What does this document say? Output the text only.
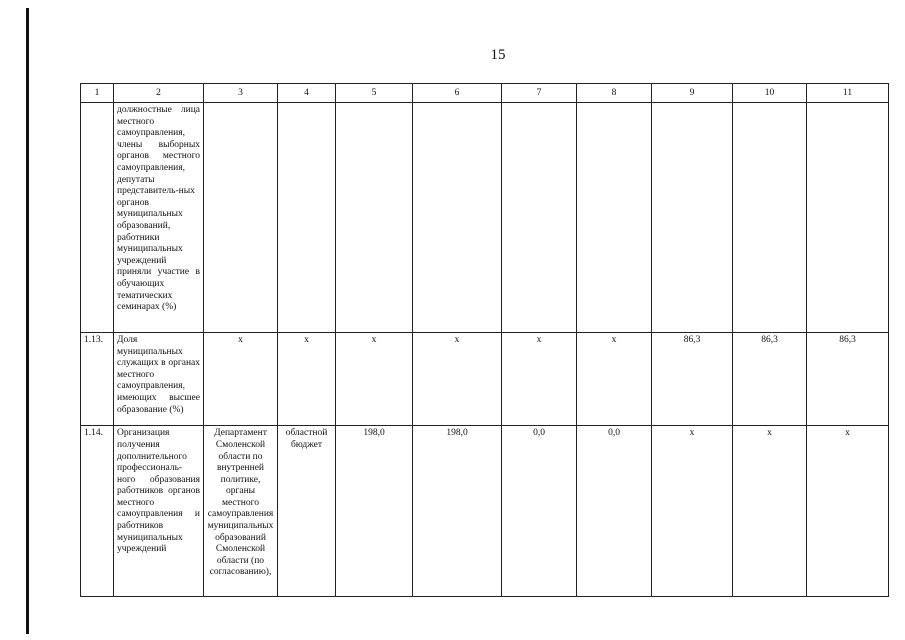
15
1	2	3	4	5	6	7	8	9	10	11
	должностные лица местного самоуправления, члены выборных органов местного самоуправления, депутаты представитель-ных органов муниципальных образований, работники муниципальных учреждений приняли участие в обучающих тематических семинарах (%)									
1.13.	Доля муниципальных служащих в органах местного самоуправления, имеющих высшее образование (%)	х	х	х	х	х	х	86,3	86,3	86,3
1.14.	Организация получения дополнительного профессиональ-ного образования работников органов местного самоуправления и работников муниципальных учреждений	Департамент Смоленской области по внутренней политике, органы местного самоуправления муниципальных образований Смоленской области (по согласованию),	областной бюджет	198,0	198,0	0,0	0,0	х	х	х
